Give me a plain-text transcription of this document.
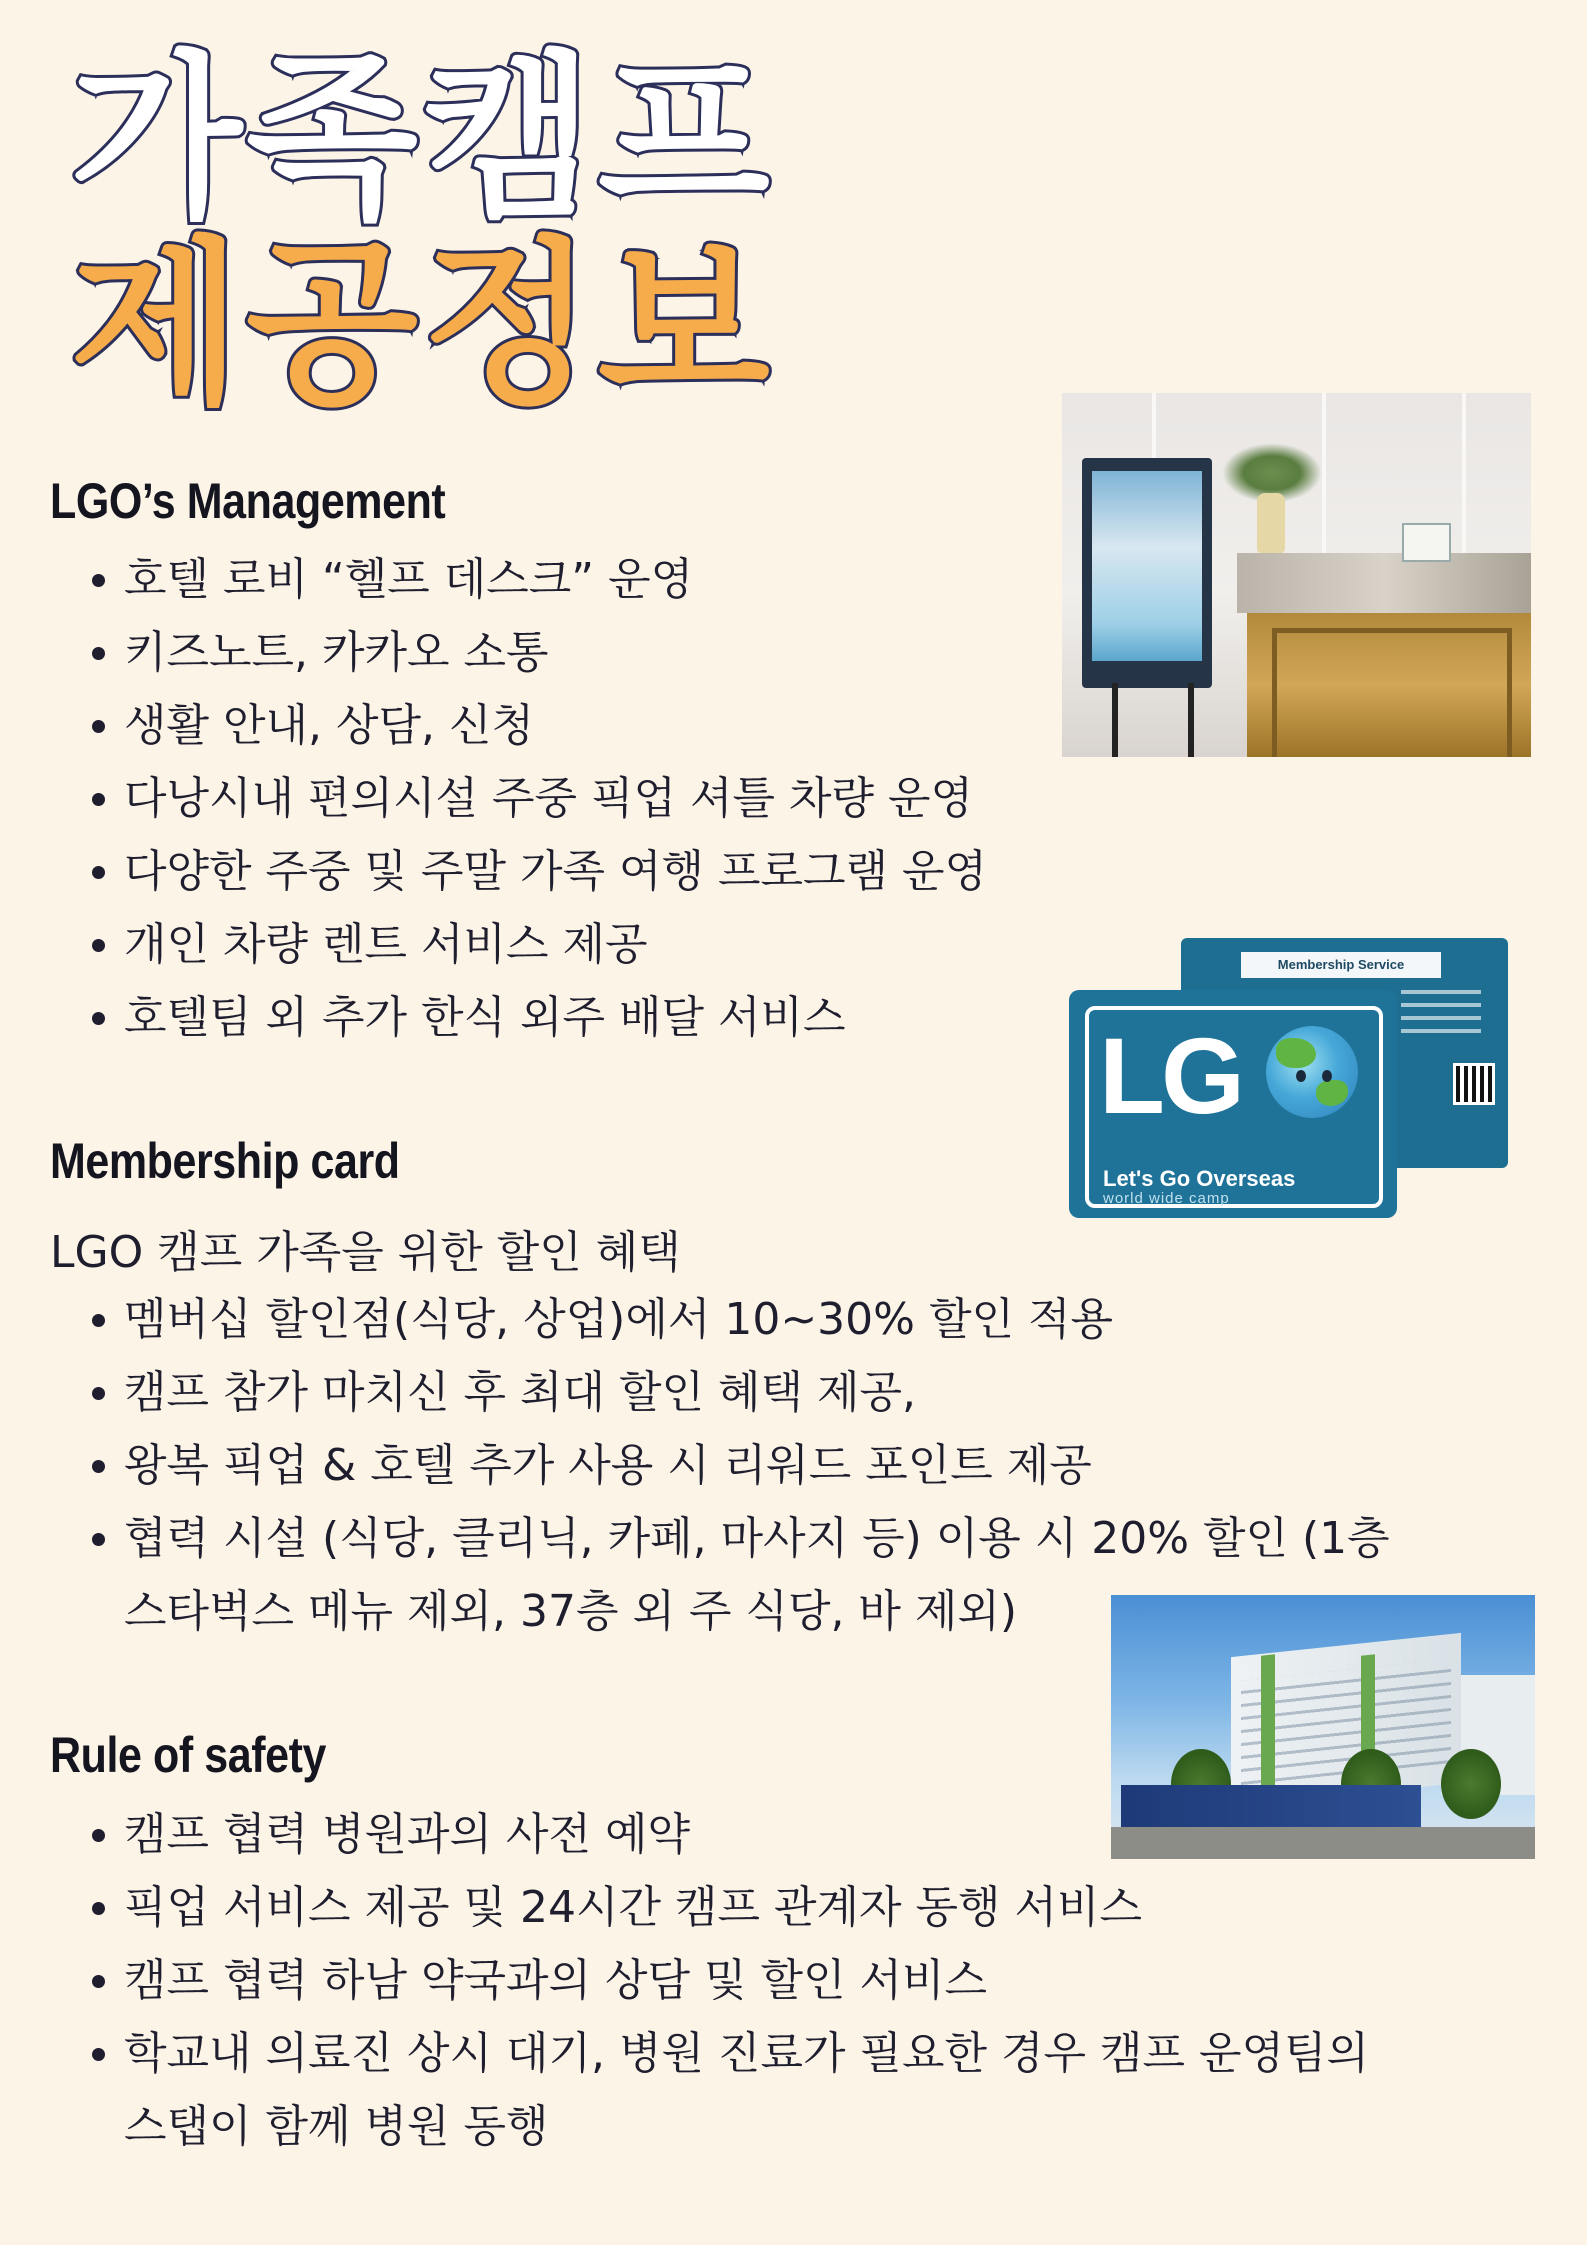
가족캠프
제공정보
LGO’s Management
호텔 로비 “헬프 데스크” 운영
키즈노트, 카카오 소통
생활 안내, 상담, 신청
다낭시내 편의시설 주중 픽업 셔틀 차량 운영
다양한 주중 및 주말 가족 여행 프로그램 운영
개인 차량 렌트 서비스 제공
호텔팀 외 추가 한식 외주 배달 서비스
Membership Service
LG
Let's Go Overseas
world wide camp
Membership card

LGO 캠프 가족을 위한 할인 혜택

멤버십 할인점(식당, 상업)에서 10~30% 할인 적용
캠프 참가 마치신 후 최대 할인 혜택 제공,
왕복 픽업 & 호텔 추가 사용 시 리워드 포인트 제공
협력 시설 (식당, 클리닉, 카페, 마사지 등) 이용 시 20% 할인 (1층
스타벅스 메뉴 제외, 37층 외 주 식당, 바 제외)
Rule of safety
캠프 협력 병원과의 사전 예약
픽업 서비스 제공 및 24시간 캠프 관계자 동행 서비스
캠프 협력 하남 약국과의 상담 및 할인 서비스
학교내 의료진 상시 대기, 병원 진료가 필요한 경우 캠프 운영팀의
스탭이 함께 병원 동행
